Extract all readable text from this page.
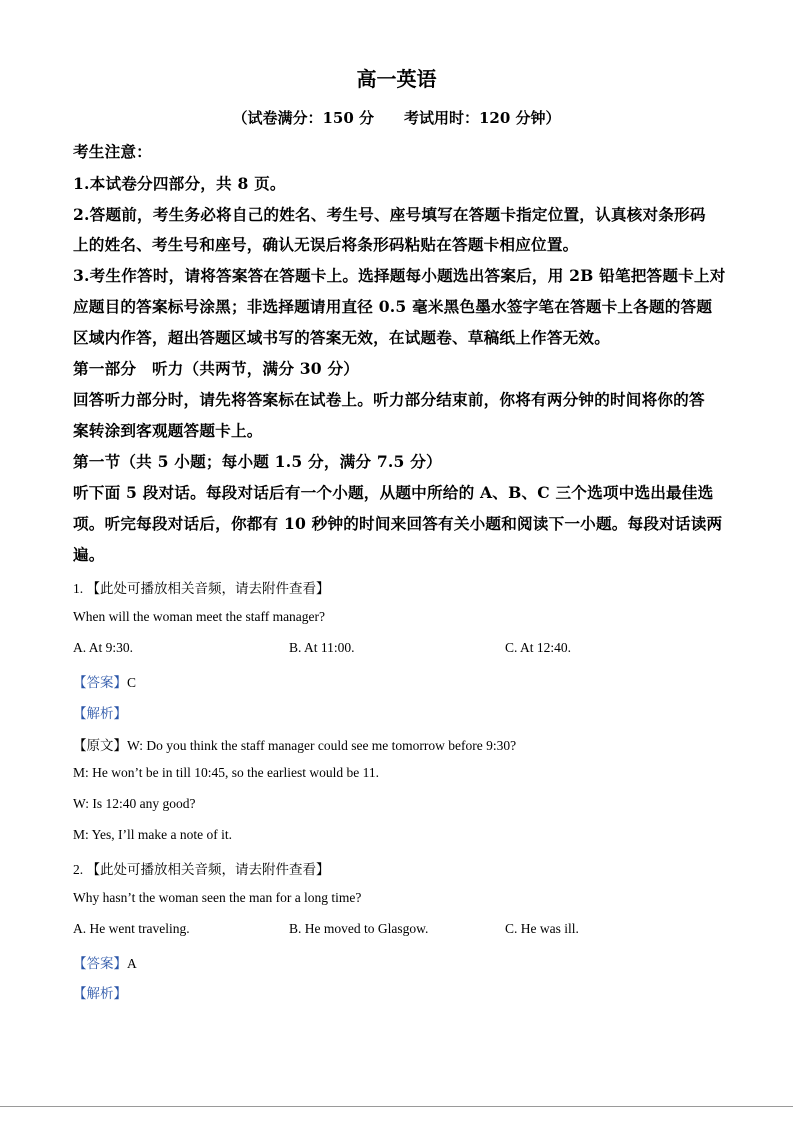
高一英语
（试卷满分：150 分　　考试用时：120 分钟）
考生注意：
1.本试卷分四部分，共 8 页。
2.答题前，考生务必将自己的姓名、考生号、座号填写在答题卡指定位置，认真核对条形码
上的姓名、考生号和座号，确认无误后将条形码粘贴在答题卡相应位置。
3.考生作答时，请将答案答在答题卡上。选择题每小题选出答案后，用 2B 铅笔把答题卡上对
应题目的答案标号涂黑；非选择题请用直径 0.5 毫米黑色墨水签字笔在答题卡上各题的答题
区域内作答，超出答题区域书写的答案无效，在试题卷、草稿纸上作答无效。
第一部分　听力（共两节，满分 30 分）
回答听力部分时，请先将答案标在试卷上。听力部分结束前，你将有两分钟的时间将你的答
案转涂到客观题答题卡上。
第一节（共 5 小题；每小题 1.5 分，满分 7.5 分）
听下面 5 段对话。每段对话后有一个小题，从题中所给的 A、B、C 三个选项中选出最佳选
项。听完每段对话后，你都有 10 秒钟的时间来回答有关小题和阅读下一小题。每段对话读两
遍。
1. 【此处可播放相关音频，请去附件查看】
When will the woman meet the staff manager?
A. At 9:30.	B. At 11:00.	C. At 12:40.
【答案】C
【解析】
【原文】W: Do you think the staff manager could see me tomorrow before 9:30?
M: He won’t be in till 10:45, so the earliest would be 11.
W: Is 12:40 any good?
M: Yes, I’ll make a note of it.
2. 【此处可播放相关音频，请去附件查看】
Why hasn’t the woman seen the man for a long time?
A. He went traveling.	B. He moved to Glasgow.	C. He was ill.
【答案】A
【解析】
